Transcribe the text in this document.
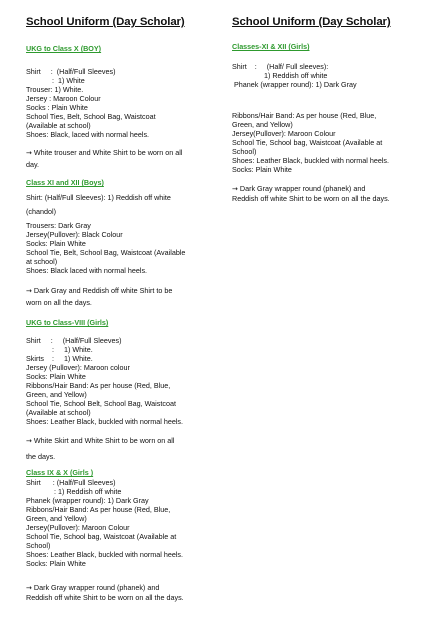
School Uniform (Day Scholar)
UKG to Class X (BOY)
Shirt     :  (Half/Full Sleeves)
:  1) White
Trouser: 1) White.
Jersey : Maroon Colour
Socks : Plain White
School Ties, Belt, School Bag, Waistcoat
(Available at school)
Shoes: Black, laced with normal heels.
→ White trouser and White Shirt to be worn on all
day.
Class XI and XII (Boys)
Shirt: (Half/Full Sleeves): 1) Reddish off white
(chandol)
Trousers: Dark Gray
Jersey(Pullover): Black Colour
Socks: Plain White
School Tie, Belt, School Bag, Waistcoat (Available
at school)
Shoes: Black laced with normal heels.
→ Dark Gray and Reddish off white Shirt to be
worn on all the days.
UKG to Class-VIII (Girls)
Shirt     :     (Half/Full Sleeves)
:     1) White.
Skirts    :     1) White.
Jersey (Pullover): Maroon colour
Socks: Plain White
Ribbons/Hair Band: As per house (Red, Blue,
Green, and Yellow)
School Tie, School Belt, School Bag, Waistcoat
(Available at school)
Shoes: Leather Black, buckled with normal heels.
→ White Skirt and White Shirt to be worn on all
the days.
Class IX & X (Girls )
Shirt      : (Half/Full Sleeves)
: 1) Reddish off white
Phanek (wrapper round): 1) Dark Gray
Ribbons/Hair Band: As per house (Red, Blue,
Green, and Yellow)
Jersey(Pullover): Maroon Colour
School Tie, School bag, Waistcoat (Available at
School)
Shoes: Leather Black, buckled with normal heels.
Socks: Plain White
→ Dark Gray wrapper round (phanek) and
Reddish off white Shirt to be worn on all the days.
School Uniform (Day Scholar)
Classes-XI & XII (Girls)
Shirt    :     (Half/ Full sleeves):
1) Reddish off white
Phanek (wrapper round): 1) Dark Gray
Ribbons/Hair Band: As per house (Red, Blue,
Green, and Yellow)
Jersey(Pullover): Maroon Colour
School Tie, School bag, Waistcoat (Available at
School)
Shoes: Leather Black, buckled with normal heels.
Socks: Plain White
→ Dark Gray wrapper round (phanek) and
Reddish off white Shirt to be worn on all the days.
